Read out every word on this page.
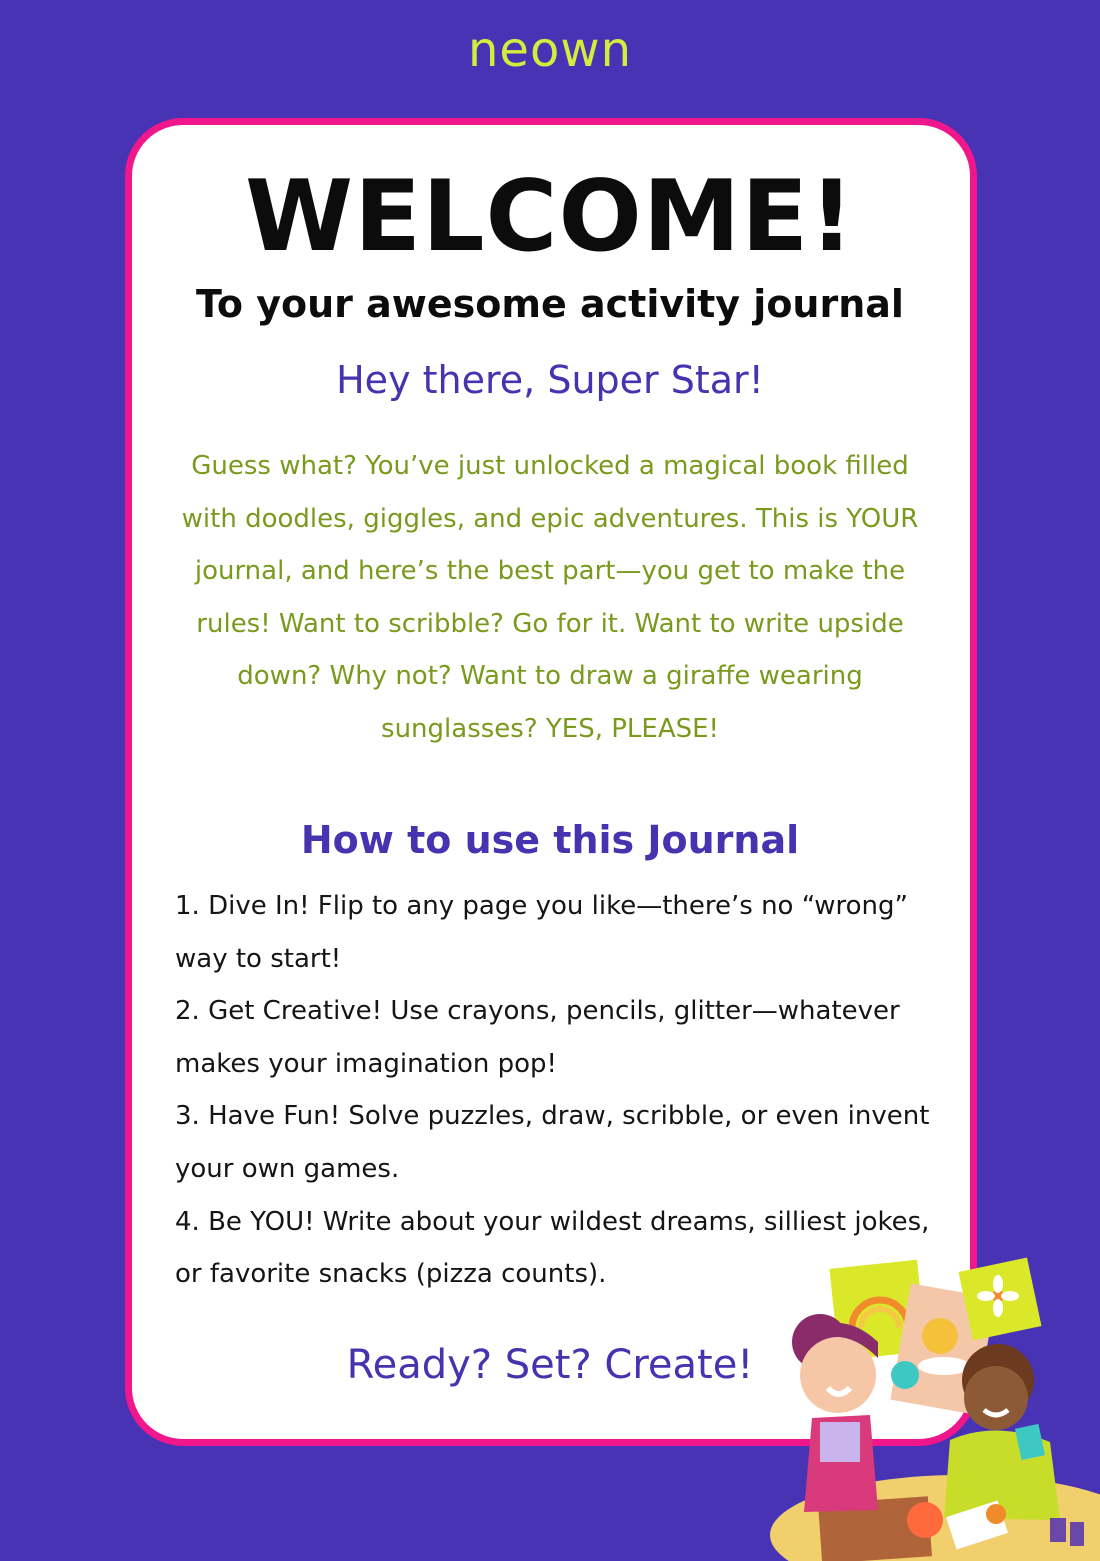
neown
WELCOME!
To your awesome activity journal
Hey there, Super Star!
Guess what? You’ve just unlocked a magical book filled with doodles, giggles, and epic adventures. This is YOUR journal, and here’s the best part—you get to make the rules! Want to scribble? Go for it. Want to write upside down? Why not? Want to draw a giraffe wearing sunglasses? YES, PLEASE!
How to use this Journal

1. Dive In! Flip to any page you like—there’s no “wrong” way to start!

2. Get Creative! Use crayons, pencils, glitter—whatever makes your imagination pop!

3. Have Fun! Solve puzzles, draw, scribble, or even invent your own games.

4. Be YOU! Write about your wildest dreams, silliest jokes, or favorite snacks (pizza counts).

Ready? Set? Create!
